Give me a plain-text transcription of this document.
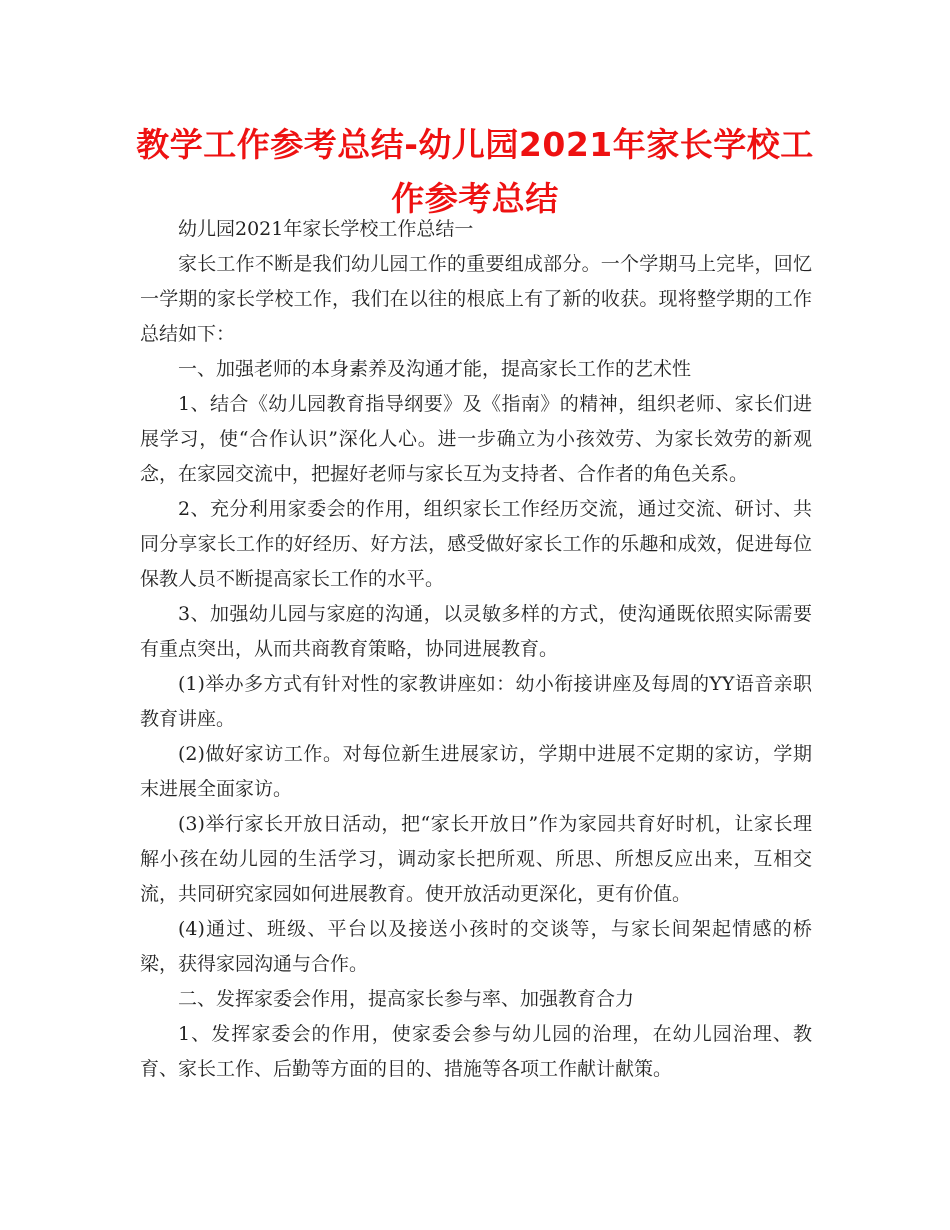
教学工作参考总结-幼儿园2021年家长学校工作参考总结

幼儿园2021年家长学校工作总结一

家长工作不断是我们幼儿园工作的重要组成部分。一个学期马上完毕，回忆一学期的家长学校工作，我们在以往的根底上有了新的收获。现将整学期的工作总结如下：

一、加强老师的本身素养及沟通才能，提高家长工作的艺术性

1、结合《幼儿园教育指导纲要》及《指南》的精神，组织老师、家长们进展学习，使“合作认识”深化人心。进一步确立为小孩效劳、为家长效劳的新观念，在家园交流中，把握好老师与家长互为支持者、合作者的角色关系。

2、充分利用家委会的作用，组织家长工作经历交流，通过交流、研讨、共同分享家长工作的好经历、好方法，感受做好家长工作的乐趣和成效，促进每位保教人员不断提高家长工作的水平。

3、加强幼儿园与家庭的沟通，以灵敏多样的方式，使沟通既依照实际需要有重点突出，从而共商教育策略，协同进展教育。

(1)举办多方式有针对性的家教讲座如：幼小衔接讲座及每周的YY语音亲职教育讲座。

(2)做好家访工作。对每位新生进展家访，学期中进展不定期的家访，学期末进展全面家访。

(3)举行家长开放日活动，把“家长开放日”作为家园共育好时机，让家长理解小孩在幼儿园的生活学习，调动家长把所观、所思、所想反应出来，互相交流，共同研究家园如何进展教育。使开放活动更深化，更有价值。

(4)通过、班级、平台以及接送小孩时的交谈等，与家长间架起情感的桥梁，获得家园沟通与合作。

二、发挥家委会作用，提高家长参与率、加强教育合力

1、发挥家委会的作用，使家委会参与幼儿园的治理，在幼儿园治理、教育、家长工作、后勤等方面的目的、措施等各项工作献计献策。
